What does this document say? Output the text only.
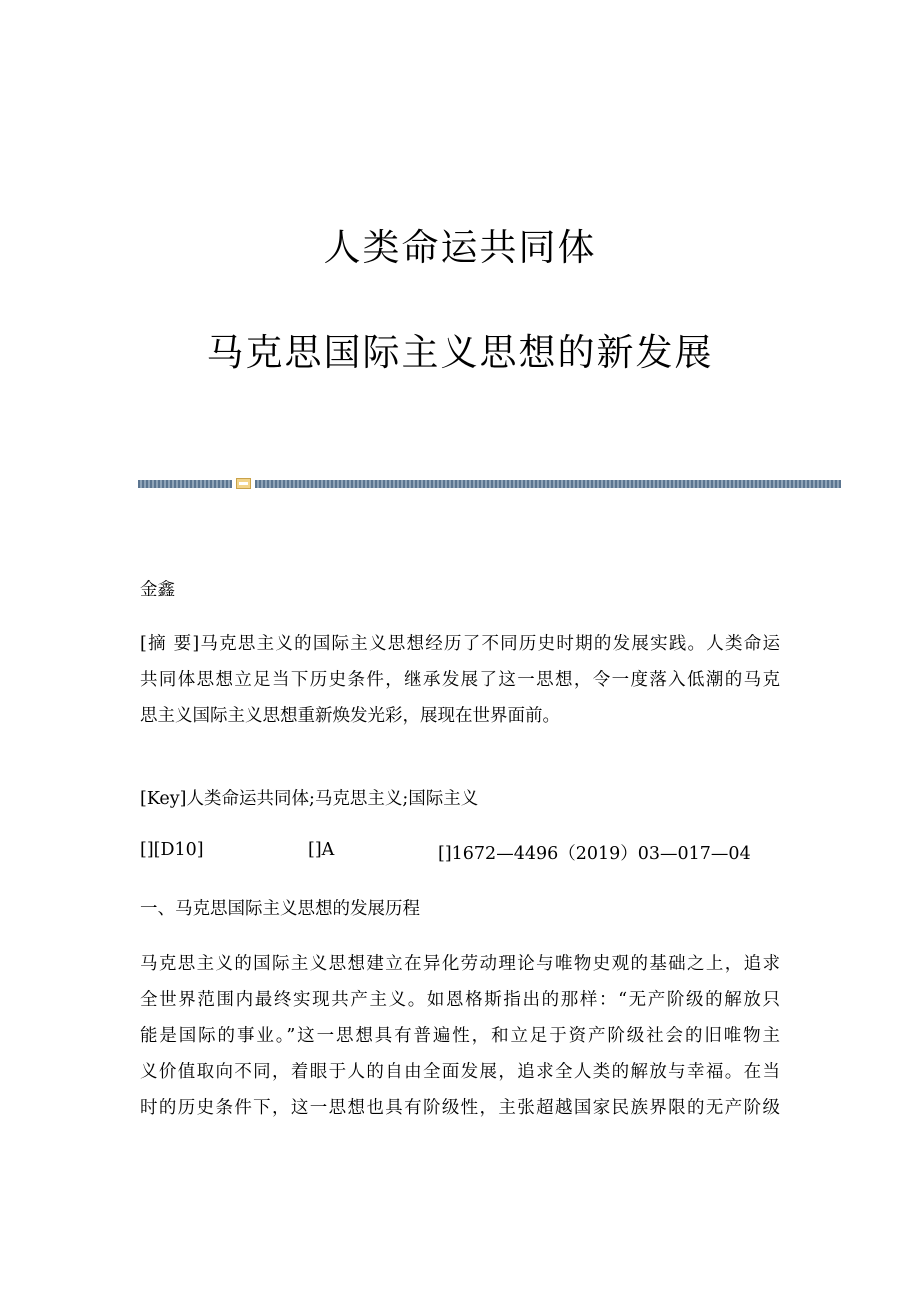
人类命运共同体
马克思国际主义思想的新发展

金鑫

[摘 要]马克思主义的国际主义思想经历了不同历史时期的发展实践。人类命运
共同体思想立足当下历史条件，继承发展了这一思想，令一度落入低潮的马克
思主义国际主义思想重新焕发光彩，展现在世界面前。

[Key]人类命运共同体;马克思主义;国际主义

[][D10]	[]A	[]1672—4496（2019）03—017—04

一、马克思国际主义思想的发展历程

马克思主义的国际主义思想建立在异化劳动理论与唯物史观的基础之上，追求
全世界范围内最终实现共产主义。如恩格斯指出的那样：“无产阶级的解放只
能是国际的事业。”这一思想具有普遍性，和立足于资产阶级社会的旧唯物主
义价值取向不同，着眼于人的自由全面发展，追求全人类的解放与幸福。在当
时的历史条件下，这一思想也具有阶级性，主张超越国家民族界限的无产阶级
